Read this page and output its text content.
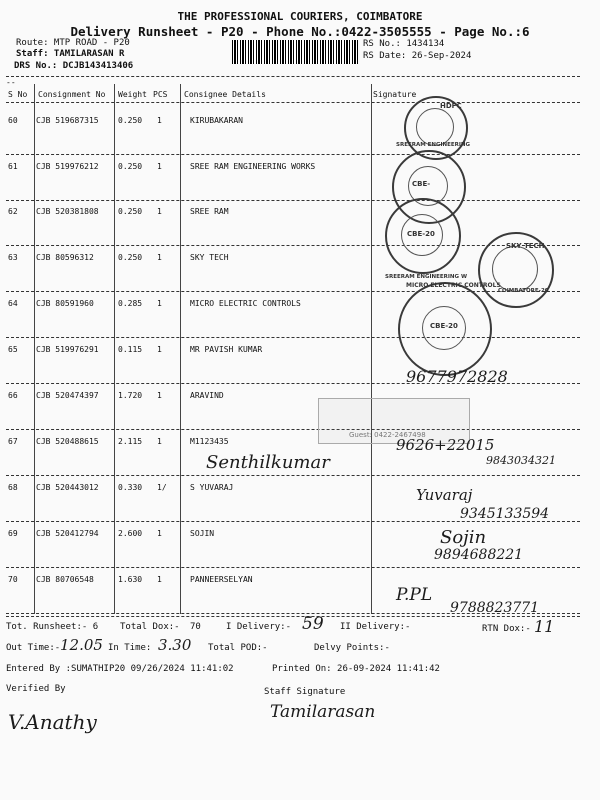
THE PROFESSIONAL COURIERS, COIMBATORE
Delivery Runsheet - P20 - Phone No.:0422-3505555 - Page No.:6
Route: MTP ROAD - P20
Staff: TAMILARASAN R
DRS No.: DCJB143413406
RS No.: 1434134
RS Date: 26-Sep-2024
--
S No Consignment No Weight PCS Consignee Details	Signature
60 CJB 519687315 0.250 1	KIRUBAKARAN
61 CJB 519976212 0.250 1	SREE RAM ENGINEERING WORKS
62 CJB 520381808 0.250 1	SREE RAM
63 CJB 80596312	0.250 1	SKY TECH
64 CJB 80591960	0.285 1	MICRO ELECTRIC CONTROLS
65 CJB 519976291 0.115 1	MR PAVISH KUMAR
66 CJB 520474397 1.720 1	ARAVIND
67 CJB 520488615 2.115 1	M1123435
68 CJB 520443012 0.330 1/	S YUVARAJ
69 CJB 520412794 2.600 1	SOJIN
70 CJB 80706548	1.630 1	PANNEERSELYAN
HDFC
SREERAM ENGINEERING
CBE-
SREERAM ENGINEERING W
CBE-20
SKY TECH
COIMBATORE-20
MICRO ELECTRIC CONTROLS
CBE-20
Guest: 0422-2467498
9677972828
Senthilkumar
9626+22015
9843034321
Yuvaraj
9345133594
Sojin
9894688221
P.PL
9788823771
Tot. Runsheet:- 6 Total Dox:- 70	I Delivery:- 59 II Delivery:-	RTN Dox:- 11
Out Time:- 12.05 In Time: 3.30 Total POD:-	Delvy Points:-
Entered By :SUMATHIP20 09/26/2024 11:41:02	Printed On: 26-09-2024 11:41:42
Verified By	Staff Signature
V.Anathy	Tamilarasan
